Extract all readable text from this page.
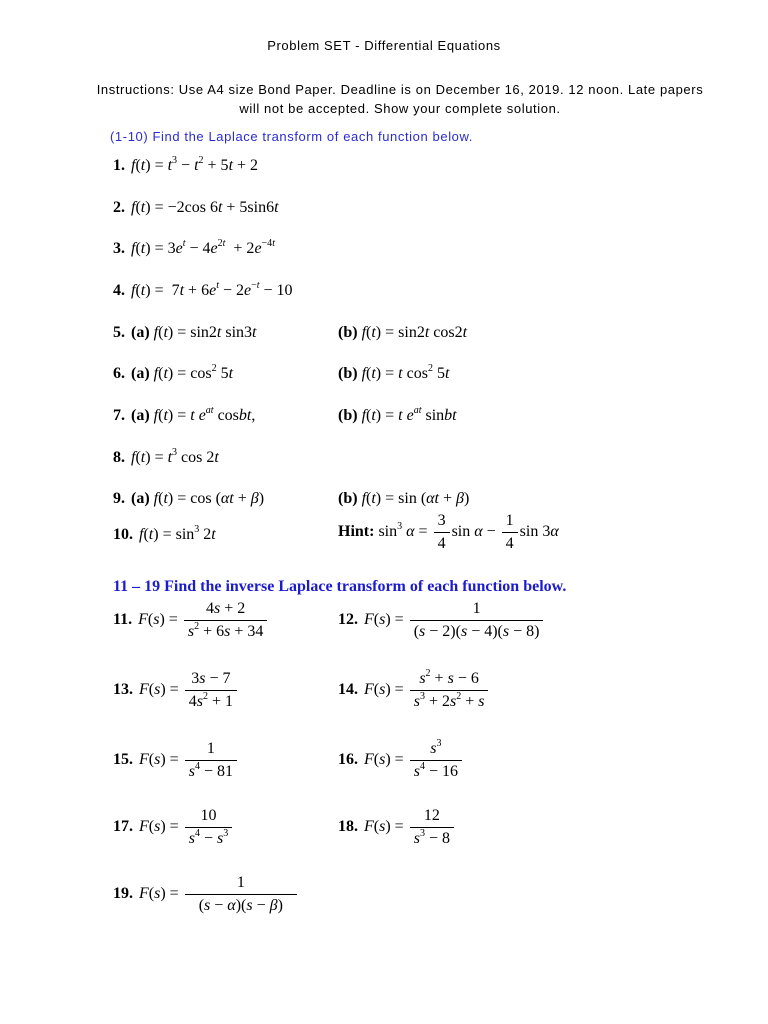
Problem SET - Differential Equations
Instructions: Use A4 size Bond Paper. Deadline is on December 16, 2019. 12 noon. Late papers
will not be accepted. Show your complete solution.
(1-10) Find the Laplace transform of each function below.
1. $f(t) = t^3 - t^2 + 5t + 2$
2. f(t) = −2cos 6t + 5sin6t
3. $f(t) = 3e^t - 4e^{2t} + 2e^{-4t}$
4. $f(t) = 7t + 6e^t - 2e^{-t} - 10$
5. (a) f(t) = sin2t sin3t	(b) f(t) = sin2t cos2t
6. (a) $f(t) = \cos^2 5t$	(b) f(t) = t $\cos^2 5t$
7. (a) f(t) = t $e^{at}$ cosbt,	(b) f(t) = t $e^{at}$ sinbt
8. $f(t) = t^3$ cos 2t
9. (a) f(t) = cos (αt + β)	(b) f(t) = sin (αt + β)
10. $f(t) = \sin^3 2t$	Hint: $\sin^3 \alpha = \frac{3}{4}$ $\sin \alpha - \frac{1}{4}$ sin 3α
11 – 19 Find the inverse Laplace transform of each function below.
11. $F(s) = \frac{4s + 2}{s^2 + 6s + 34}$	12. $F(s) = \frac{1}{(s - 2)(s - 4)(s - 8)}$
13. $F(s) = \frac{3s - 7}{4s^2 + 1}$	14. $F(s) = \frac{s^2 + s - 6}{s^3 + 2s^2 + s}$
15. $F(s) = \frac{1}{s^4 - 81}$	16. $F(s) = \frac{s^3}{s^4 - 16}$
17. $F(s) = \frac{10}{s^4 - s^3}$	18. $F(s) = \frac{12}{s^3 - 8}$
19. $F(s) = \frac{1}{(s - \alpha)(s - \beta)}$
